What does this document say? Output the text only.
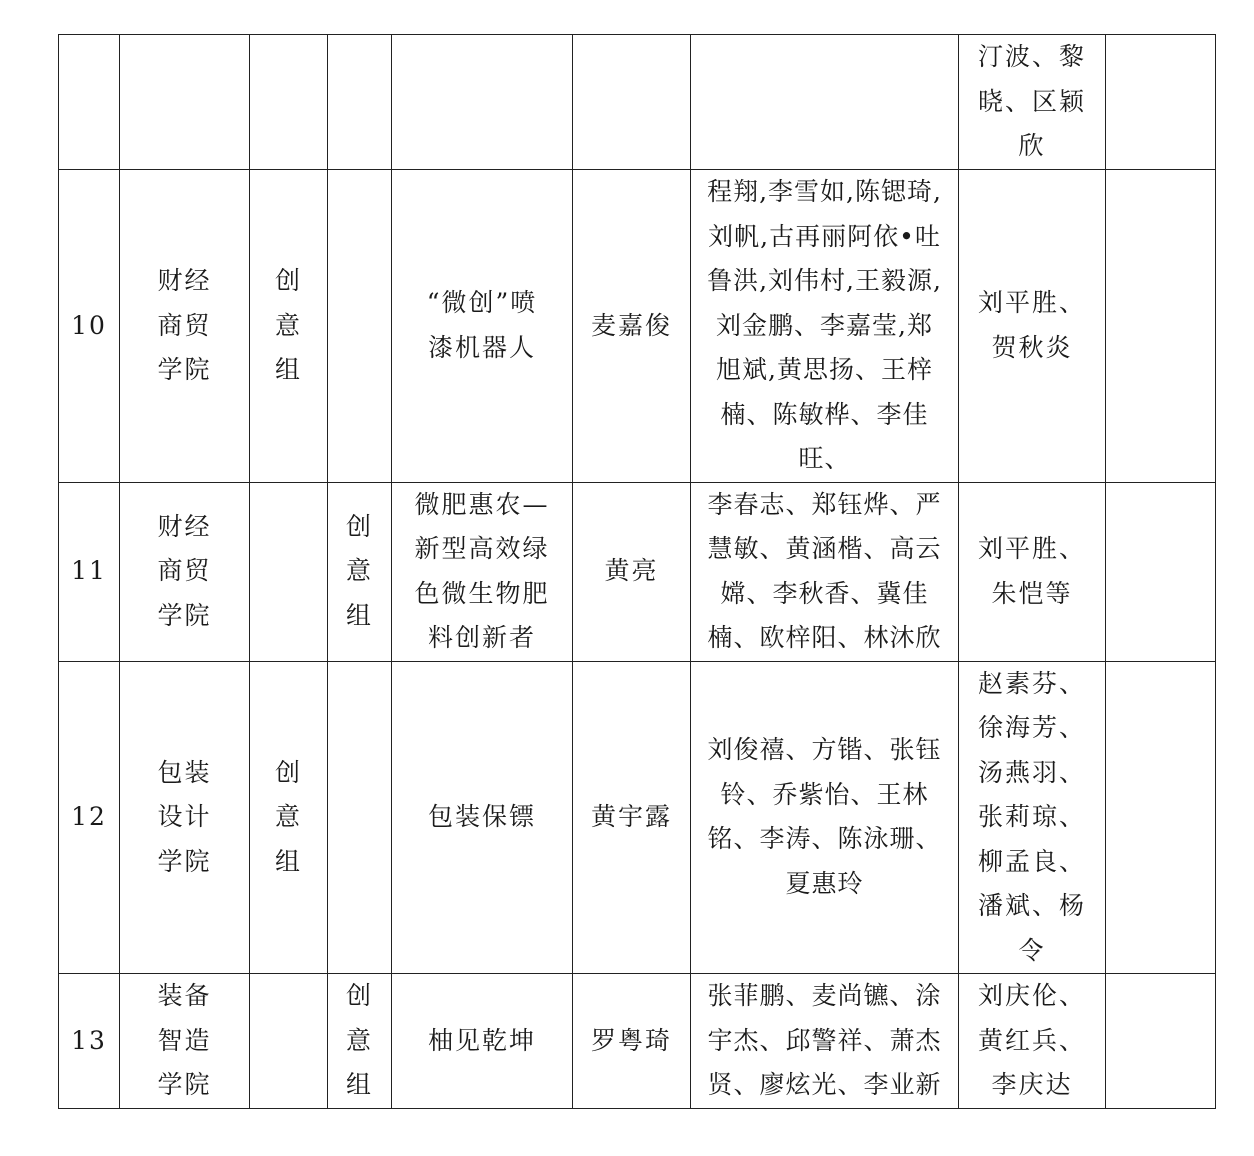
							汀波、黎晓、区颖欣	

10	财经商贸学院	创意组		“微创”喷漆机器人	麦嘉俊	程翔,李雪如,陈锶琦,刘帆,古再丽阿依•吐鲁洪,刘伟村,王毅源,刘金鹏、李嘉莹,郑旭斌,黄思扬、王梓楠、陈敏桦、李佳旺、	刘平胜、贺秋炎	

11	财经商贸学院		创意组	微肥惠农—新型高效绿色微生物肥料创新者	黄亮	李春志、郑钰烨、严慧敏、黄涵楷、高云嫦、李秋香、冀佳楠、欧梓阳、林沐欣	刘平胜、朱恺等	

12	包装设计学院	创意组		包装保镖	黄宇露	刘俊禧、方锴、张钰铃、乔紫怡、王林铭、李涛、陈泳珊、夏惠玲	赵素芬、徐海芳、汤燕羽、张莉琼、柳孟良、潘斌、杨令	

13	装备智造学院		创意组	柚见乾坤	罗粤琦	张菲鹏、麦尚镳、涂宇杰、邱警祥、萧杰贤、廖炫光、李业新	刘庆伦、黄红兵、李庆达	
